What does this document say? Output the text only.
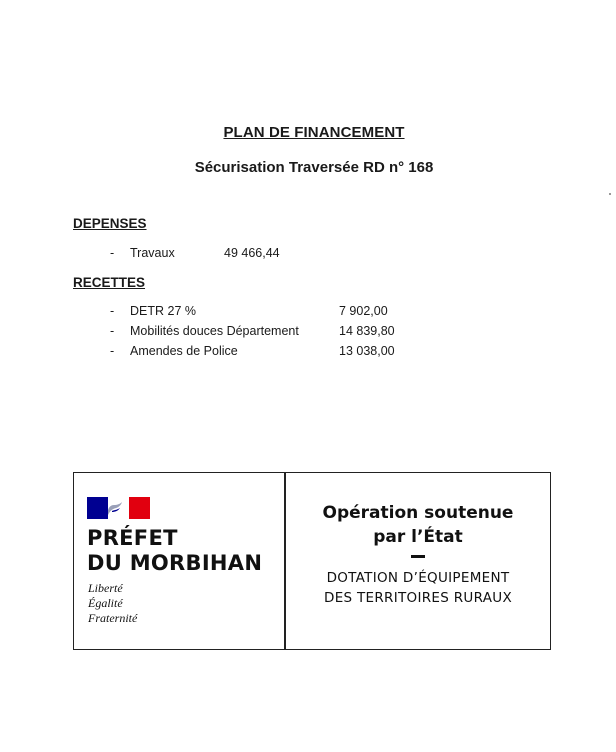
PLAN DE FINANCEMENT
Sécurisation Traversée RD n° 168
DEPENSES
- Travaux	49 466,44
RECETTES
- DETR 27 %	7 902,00
- Mobilités douces Département	14 839,80
- Amendes de Police	13 038,00
PRÉFET
DU MORBIHAN
Liberté
Égalité
Fraternité
Opération soutenue
par l’État
DOTATION D’ÉQUIPEMENT
DES TERRITOIRES RURAUX
